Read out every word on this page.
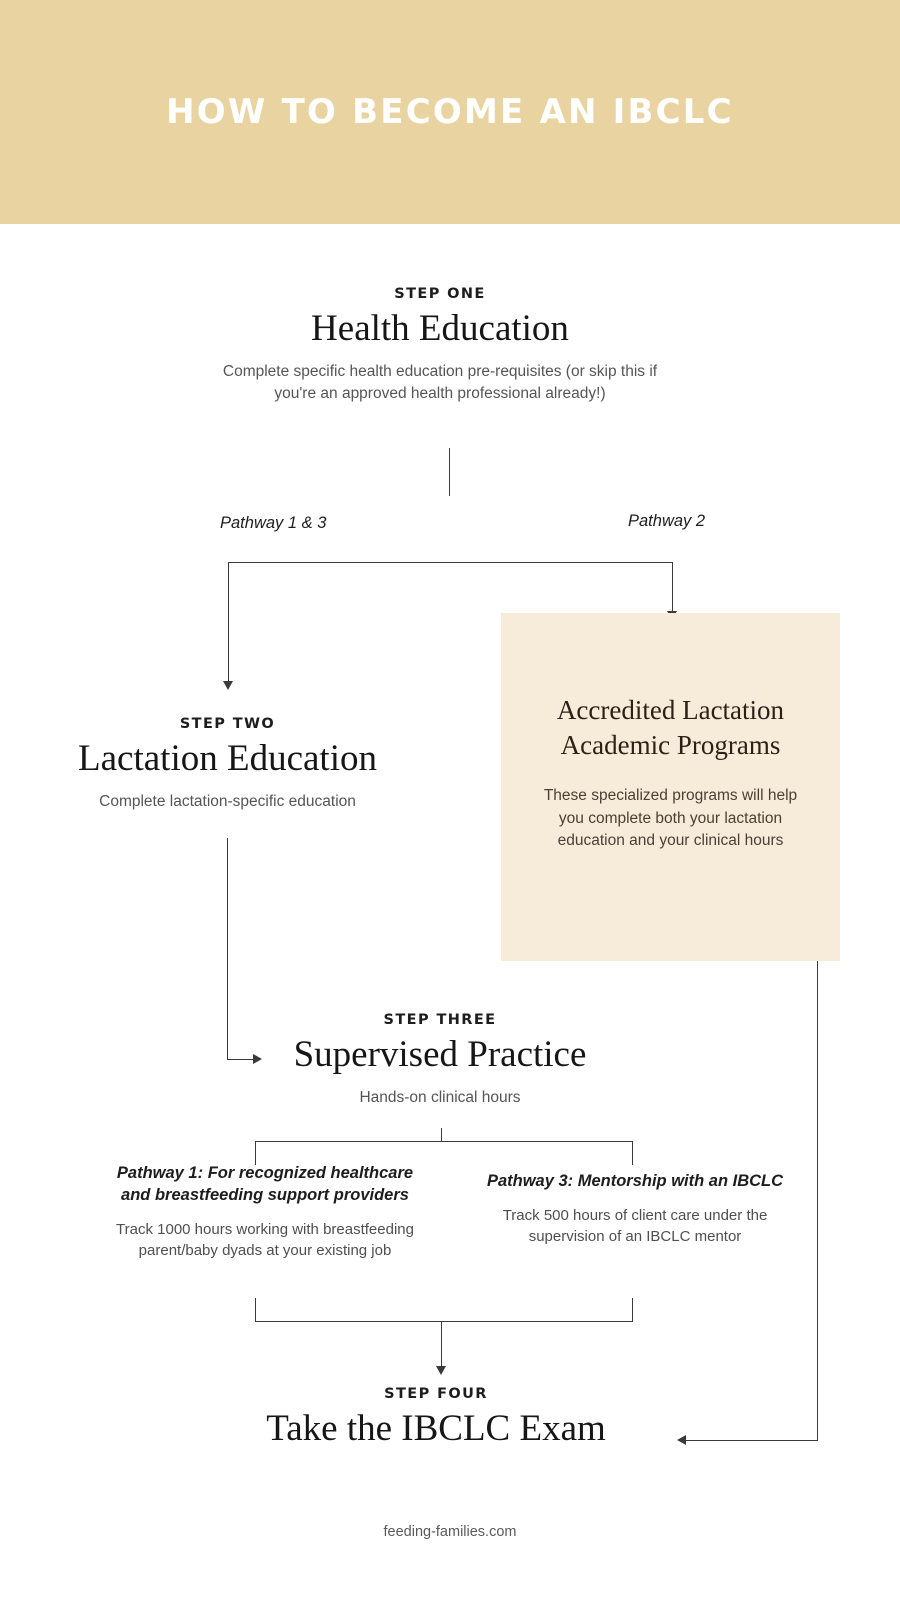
HOW TO BECOME AN IBCLC
STEP ONE
Health Education
Complete specific health education pre-requisites (or skip this if you're an approved health professional already!)
Pathway 1 & 3	Pathway 2
STEP TWO
Lactation Education
Complete lactation-specific education
Accredited Lactation Academic Programs
These specialized programs will help you complete both your lactation education and your clinical hours
STEP THREE
Supervised Practice
Hands-on clinical hours
Pathway 1: For recognized healthcare and breastfeeding support providers
Track 1000 hours working with breastfeeding parent/baby dyads at your existing job
Pathway 3: Mentorship with an IBCLC
Track 500 hours of client care under the supervision of an IBCLC mentor
STEP FOUR
Take the IBCLC Exam
feeding-families.com
